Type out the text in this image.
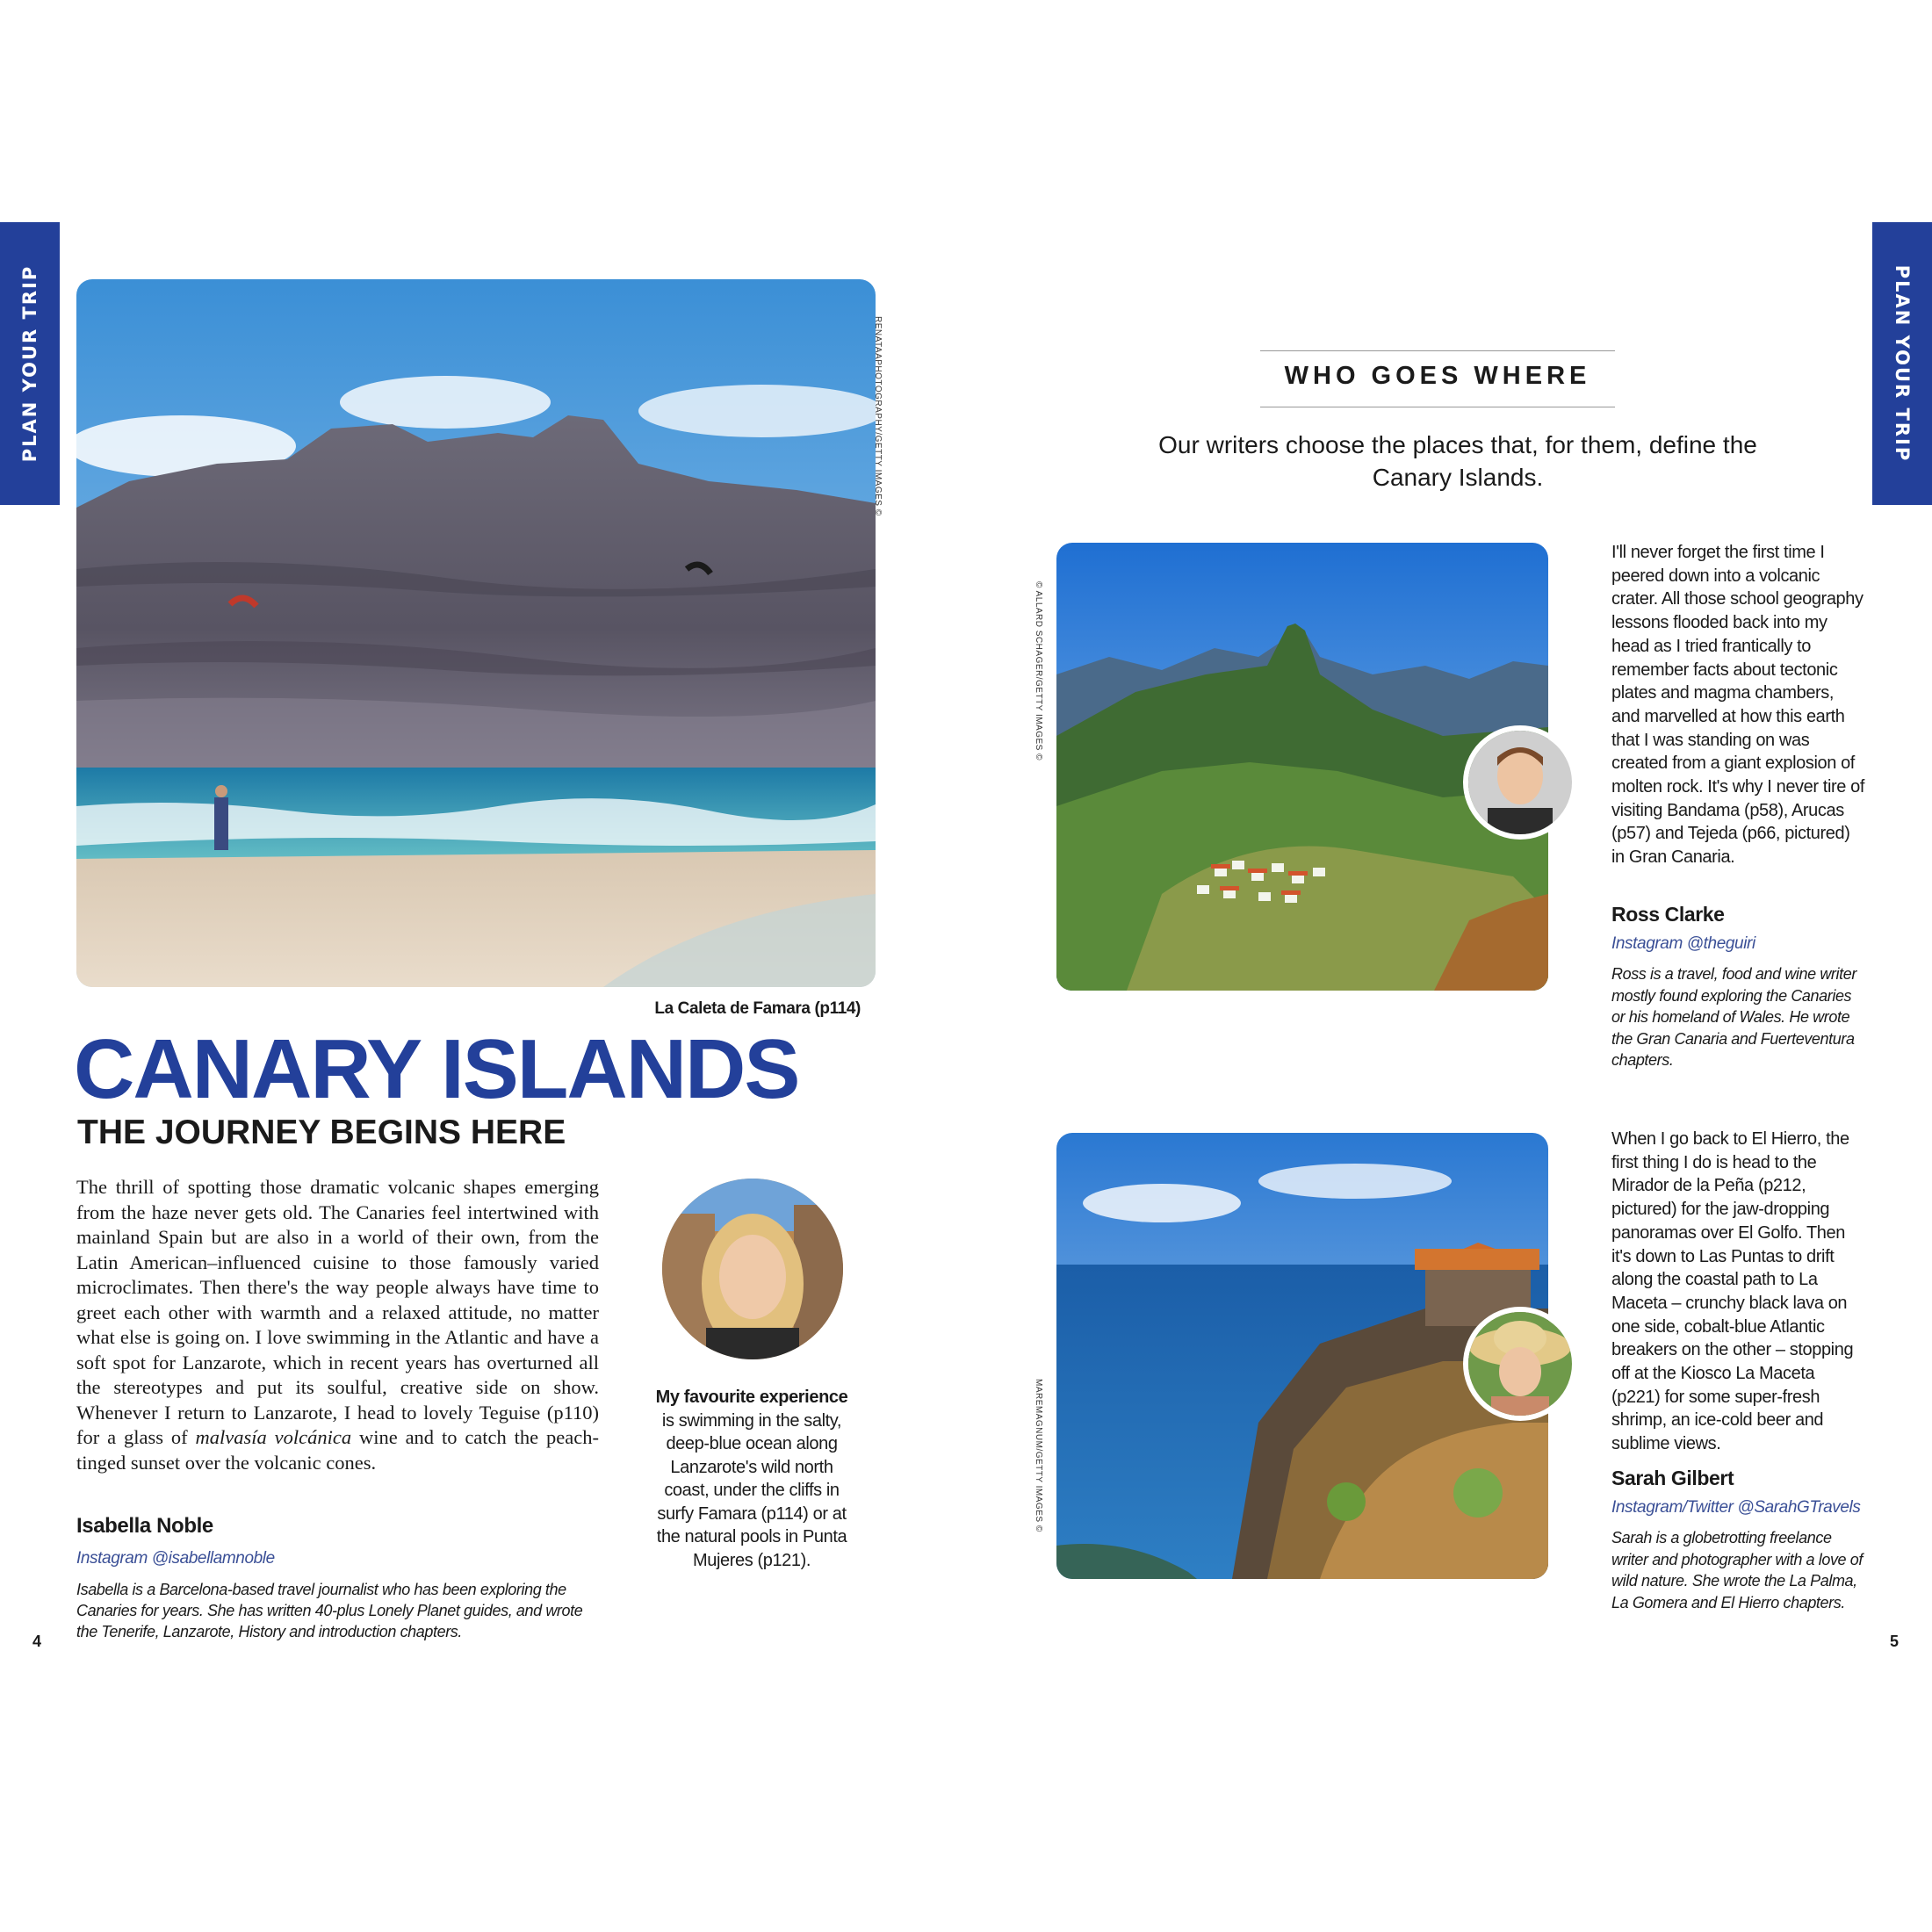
PLAN YOUR TRIP	PLAN YOUR TRIP
RENATAAPHOTOGRAPHY/GETTY IMAGES ©
La Caleta de Famara (p114)
CANARY ISLANDS
THE JOURNEY BEGINS HERE
The thrill of spotting those dramatic volcanic shapes emerging from the haze never gets old. The Canaries feel intertwined with mainland Spain but are also in a world of their own, from the Latin American–influenced cuisine to those famously varied microclimates. Then there's the way people always have time to greet each other with warmth and a relaxed attitude, no matter what else is going on. I love swimming in the Atlantic and have a soft spot for Lanzarote, which in recent years has overturned all the stereotypes and put its soulful, creative side on show. Whenever I return to Lanzarote, I head to lovely Teguise (p110) for a glass of malvasía volcánica wine and to catch the peach-tinged sunset over the volcanic cones.
Isabella Noble
Instagram @isabellamnoble
Isabella is a Barcelona-based travel journalist who has been exploring the Canaries for years. She has written 40-plus Lonely Planet guides, and wrote the Tenerife, Lanzarote, History and introduction chapters.
My favourite experience is swimming in the salty, deep-blue ocean along Lanzarote's wild north coast, under the cliffs in surfy Famara (p114) or at the natural pools in Punta Mujeres (p121).
4
WHO GOES WHERE
Our writers choose the places that, for them, define the Canary Islands.
© ALLARD SCHAGER/GETTY IMAGES ©
I'll never forget the first time I peered down into a volcanic crater. All those school geography lessons flooded back into my head as I tried frantically to remember facts about tectonic plates and magma chambers, and marvelled at how this earth that I was standing on was created from a giant explosion of molten rock. It's why I never tire of visiting Bandama (p58), Arucas (p57) and Tejeda (p66, pictured) in Gran Canaria.
Ross Clarke
Instagram @theguiri
Ross is a travel, food and wine writer mostly found exploring the Canaries or his homeland of Wales. He wrote the Gran Canaria and Fuerteventura chapters.
MAREMAGNUM/GETTY IMAGES ©
When I go back to El Hierro, the first thing I do is head to the Mirador de la Peña (p212, pictured) for the jaw-dropping panoramas over El Golfo. Then it's down to Las Puntas to drift along the coastal path to La Maceta – crunchy black lava on one side, cobalt-blue Atlantic breakers on the other – stopping off at the Kiosco La Maceta (p221) for some super-fresh shrimp, an ice-cold beer and sublime views.
Sarah Gilbert
Instagram/Twitter @SarahGTravels
Sarah is a globetrotting freelance writer and photographer with a love of wild nature. She wrote the La Palma, La Gomera and El Hierro chapters.
5
